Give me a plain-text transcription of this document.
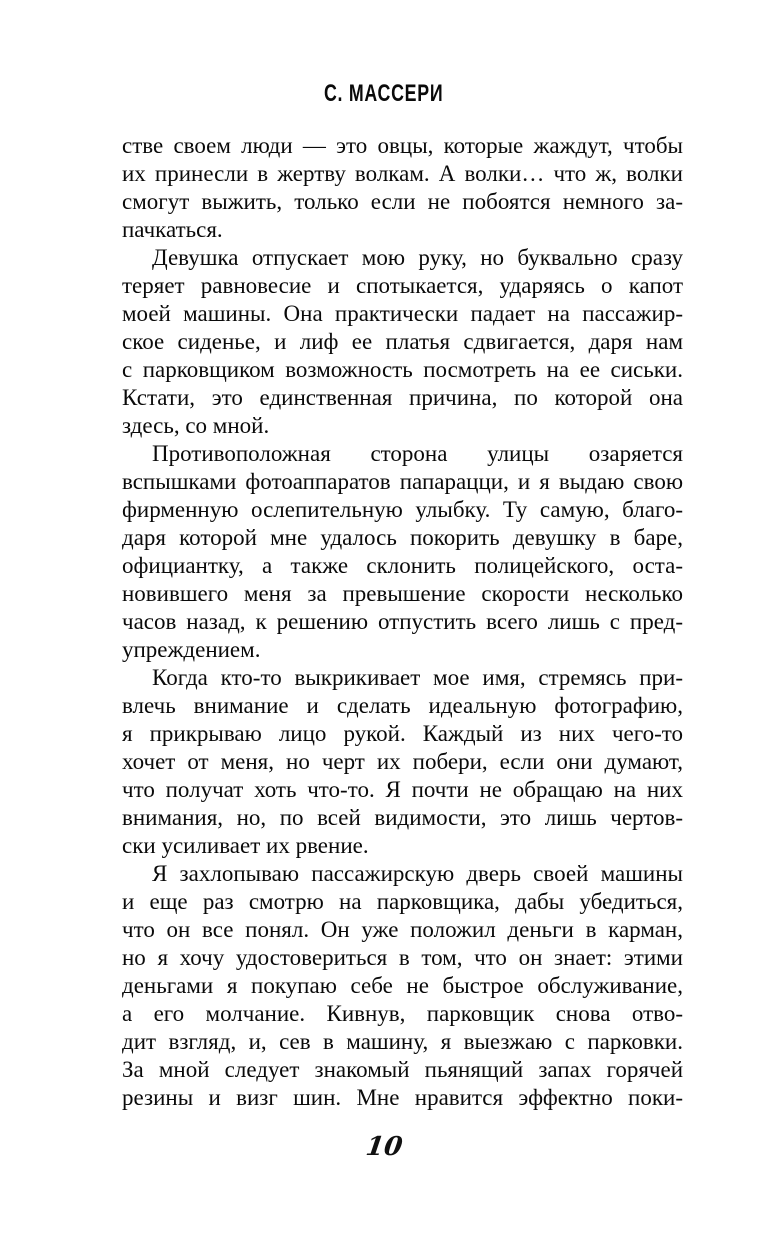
С. МАССЕРИ
стве своем люди — это овцы, которые жаждут, чтобы
их принесли в жертву волкам. А волки… что ж, волки
смогут выжить, только если не побоятся немного за-
пачкаться.
Девушка отпускает мою руку, но буквально сразу
теряет равновесие и спотыкается, ударяясь о капот
моей машины. Она практически падает на пассажир-
ское сиденье, и лиф ее платья сдвигается, даря нам
с парковщиком возможность посмотреть на ее сиськи.
Кстати, это единственная причина, по которой она
здесь, со мной.
Противоположная сторона улицы озаряется
вспышками фотоаппаратов папарацци, и я выдаю свою
фирменную ослепительную улыбку. Ту самую, благо-
даря которой мне удалось покорить девушку в баре,
официантку, а также склонить полицейского, оста-
новившего меня за превышение скорости несколько
часов назад, к решению отпустить всего лишь с пред-
упреждением.
Когда кто-то выкрикивает мое имя, стремясь при-
влечь внимание и сделать идеальную фотографию,
я прикрываю лицо рукой. Каждый из них чего-то
хочет от меня, но черт их побери, если они думают,
что получат хоть что-то. Я почти не обращаю на них
внимания, но, по всей видимости, это лишь чертов-
ски усиливает их рвение.
Я захлопываю пассажирскую дверь своей машины
и еще раз смотрю на парковщика, дабы убедиться,
что он все понял. Он уже положил деньги в карман,
но я хочу удостовериться в том, что он знает: этими
деньгами я покупаю себе не быстрое обслуживание,
а его молчание. Кивнув, парковщик снова отво-
дит взгляд, и, сев в машину, я выезжаю с парковки.
За мной следует знакомый пьянящий запах горячей
резины и визг шин. Мне нравится эффектно поки-
10
